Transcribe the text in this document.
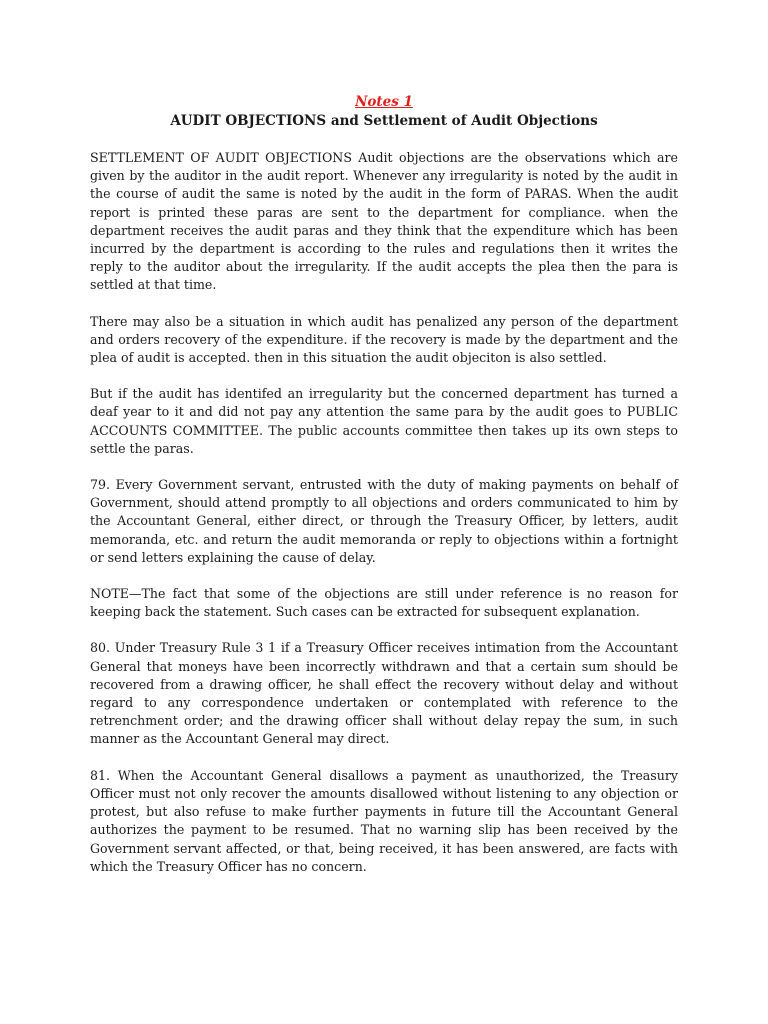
Notes 1

AUDIT OBJECTIONS and Settlement of Audit Objections

SETTLEMENT OF AUDIT OBJECTIONS Audit objections are the observations which are given by the auditor in the audit report. Whenever any irregularity is noted by the audit in the course of audit the same is noted by the audit in the form of PARAS. When the audit report is printed these paras are sent to the department for compliance. when the department receives the audit paras and they think that the expenditure which has been incurred by the department is according to the rules and regulations then it writes the reply to the auditor about the irregularity. If the audit accepts the plea then the para is settled at that time.

There may also be a situation in which audit has penalized any person of the department and orders recovery of the expenditure. if the recovery is made by the department and the plea of audit is accepted. then in this situation the audit objeciton is also settled.

But if the audit has identifed an irregularity but the concerned department has turned a deaf year to it and did not pay any attention the same para by the audit goes to PUBLIC ACCOUNTS COMMITTEE. The public accounts committee then takes up its own steps to settle the paras.

79. Every Government servant, entrusted with the duty of making payments on behalf of Government, should attend promptly to all objections and orders communicated to him by the Accountant General, either direct, or through the Treasury Officer, by letters, audit memoranda, etc. and return the audit memoranda or reply to objections within a fortnight or send letters explaining the cause of delay.

NOTE—The fact that some of the objections are still under reference is no reason for keeping back the statement. Such cases can be extracted for subsequent explanation.

80. Under Treasury Rule 3 1 if a Treasury Officer receives intimation from the Accountant General that moneys have been incorrectly withdrawn and that a certain sum should be recovered from a drawing officer, he shall effect the recovery without delay and without regard to any correspondence undertaken or contemplated with reference to the retrenchment order; and the drawing officer shall without delay repay the sum, in such manner as the Accountant General may direct.

81. When the Accountant General disallows a payment as unauthorized, the Treasury Officer must not only recover the amounts disallowed without listening to any objection or protest, but also refuse to make further payments in future till the Accountant General authorizes the payment to be resumed. That no warning slip has been received by the Government servant affected, or that, being received, it has been answered, are facts with which the Treasury Officer has no concern.
